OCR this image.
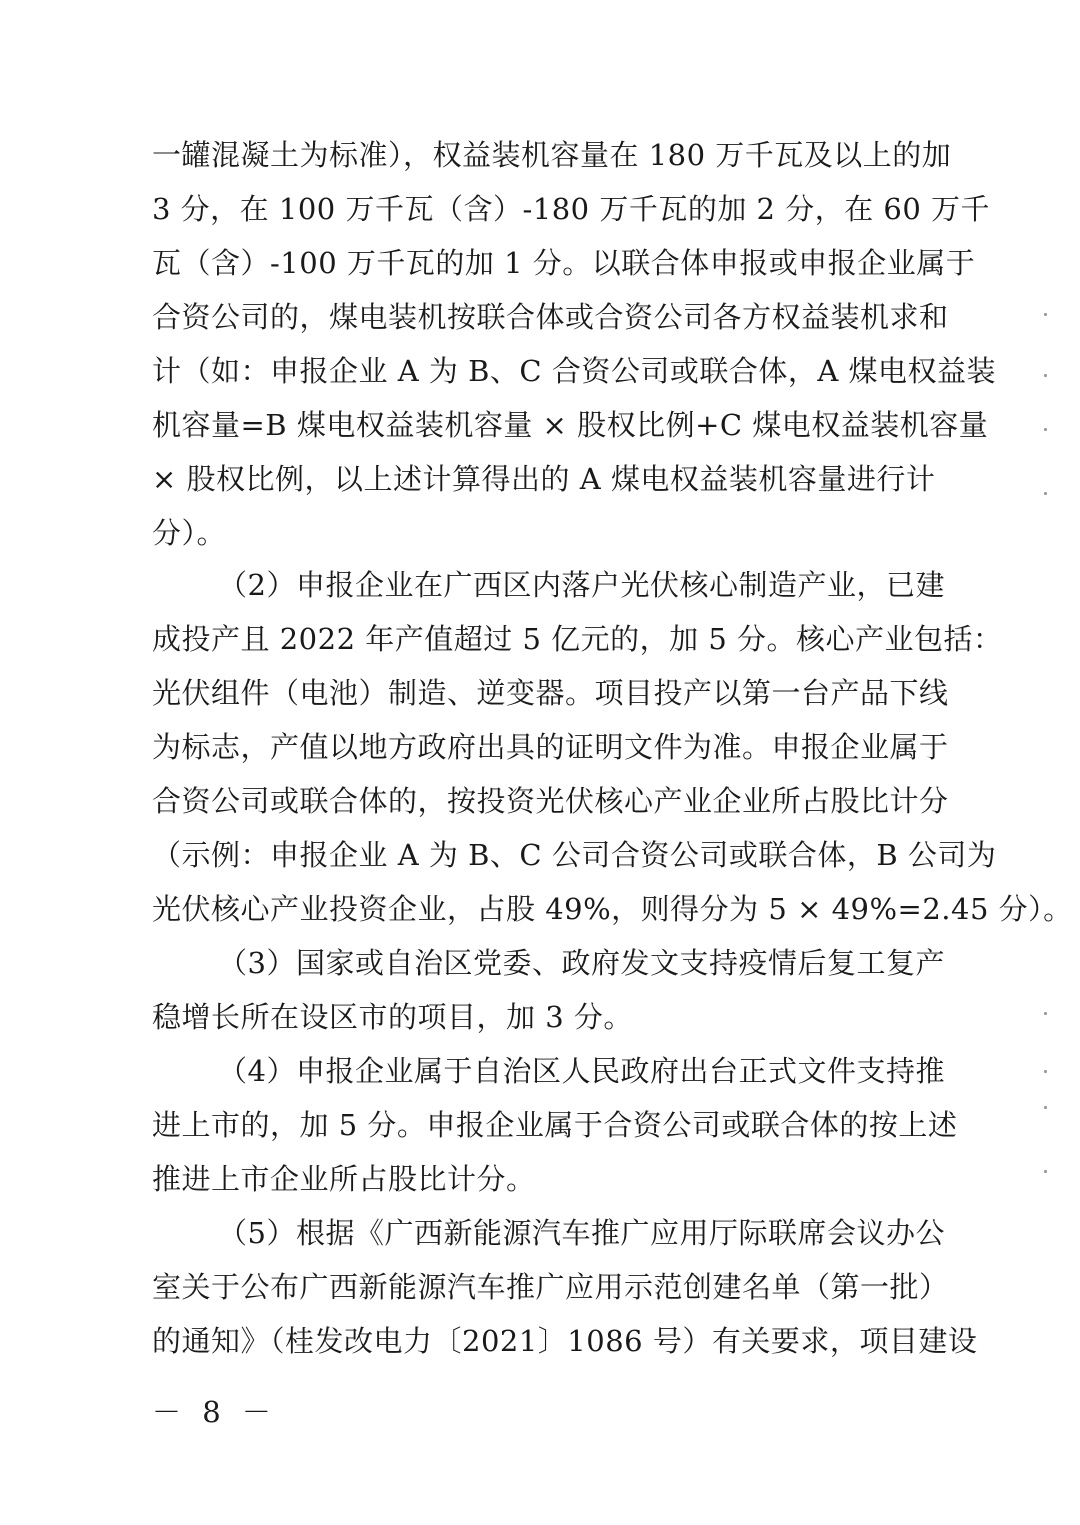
一罐混凝土为标准），权益装机容量在 180 万千瓦及以上的加
3 分，在 100 万千瓦（含）-180 万千瓦的加 2 分，在 60 万千
瓦（含）-100 万千瓦的加 1 分。以联合体申报或申报企业属于
合资公司的，煤电装机按联合体或合资公司各方权益装机求和
计（如：申报企业 A 为 B、C 合资公司或联合体，A 煤电权益装
机容量=B 煤电权益装机容量 × 股权比例+C 煤电权益装机容量
× 股权比例，以上述计算得出的 A 煤电权益装机容量进行计
分）。
（2）申报企业在广西区内落户光伏核心制造产业，已建
成投产且 2022 年产值超过 5 亿元的，加 5 分。核心产业包括：
光伏组件（电池）制造、逆变器。项目投产以第一台产品下线
为标志，产值以地方政府出具的证明文件为准。申报企业属于
合资公司或联合体的，按投资光伏核心产业企业所占股比计分
（示例：申报企业 A 为 B、C 公司合资公司或联合体，B 公司为
光伏核心产业投资企业，占股 49%，则得分为 5 × 49%=2.45 分）。
（3）国家或自治区党委、政府发文支持疫情后复工复产
稳增长所在设区市的项目，加 3 分。
（4）申报企业属于自治区人民政府出台正式文件支持推
进上市的，加 5 分。申报企业属于合资公司或联合体的按上述
推进上市企业所占股比计分。
（5）根据《广西新能源汽车推广应用厅际联席会议办公
室关于公布广西新能源汽车推广应用示范创建名单（第一批）
的通知》（桂发改电力〔2021〕1086 号）有关要求，项目建设
－ 8 －
